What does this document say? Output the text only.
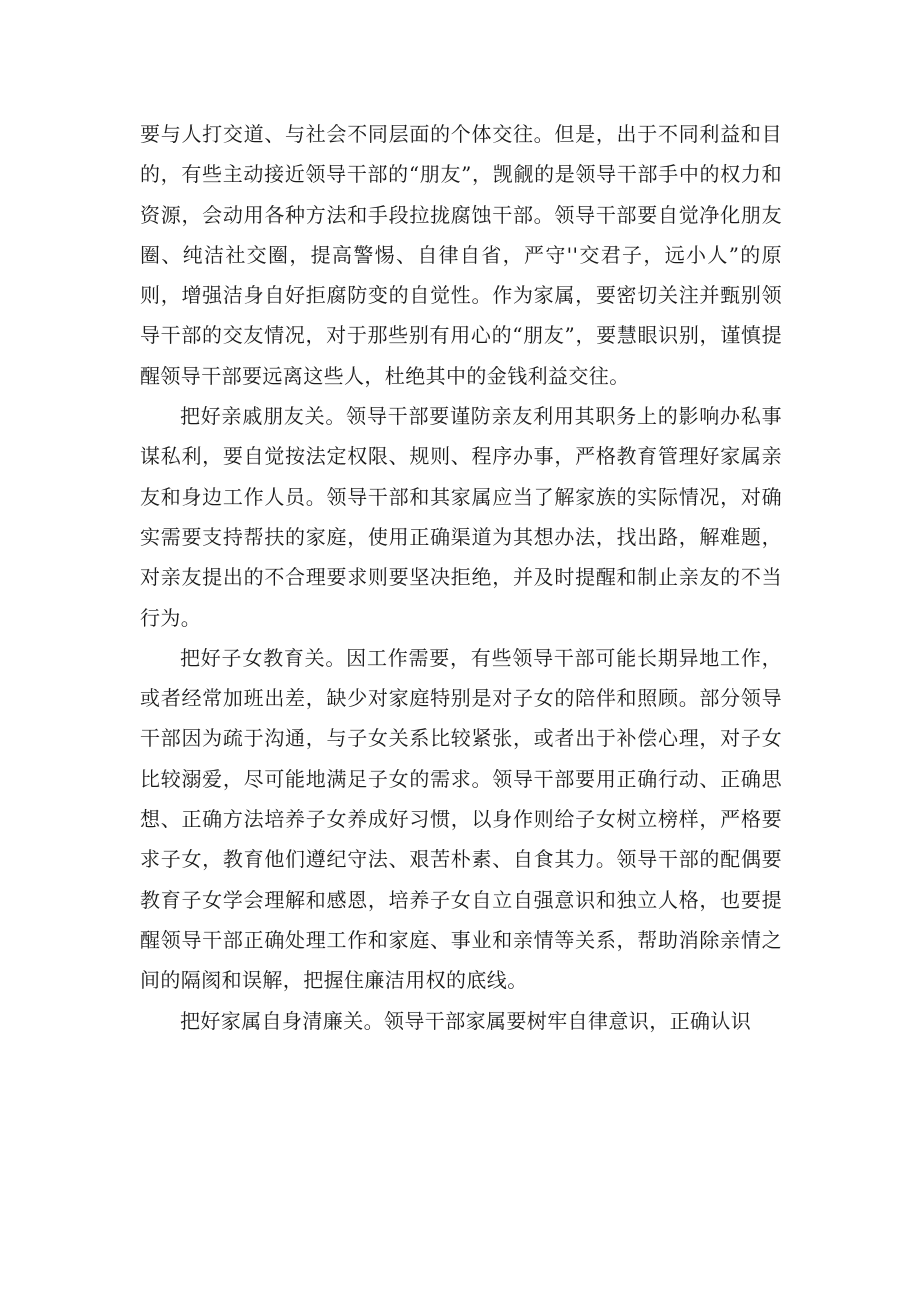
要与人打交道、与社会不同层面的个体交往。但是，出于不同利益和目的，有些主动接近领导干部的“朋友”，觊觎的是领导干部手中的权力和资源，会动用各种方法和手段拉拢腐蚀干部。领导干部要自觉净化朋友圈、纯洁社交圈，提高警惕、自律自省，严守''交君子，远小人”的原则，增强洁身自好拒腐防变的自觉性。作为家属，要密切关注并甄别领导干部的交友情况，对于那些别有用心的“朋友”，要慧眼识别，谨慎提醒领导干部要远离这些人，杜绝其中的金钱利益交往。

把好亲戚朋友关。领导干部要谨防亲友利用其职务上的影响办私事谋私利，要自觉按法定权限、规则、程序办事，严格教育管理好家属亲友和身边工作人员。领导干部和其家属应当了解家族的实际情况，对确实需要支持帮扶的家庭，使用正确渠道为其想办法，找出路，解难题，对亲友提出的不合理要求则要坚决拒绝，并及时提醒和制止亲友的不当行为。

把好子女教育关。因工作需要，有些领导干部可能长期异地工作，或者经常加班出差，缺少对家庭特别是对子女的陪伴和照顾。部分领导干部因为疏于沟通，与子女关系比较紧张，或者出于补偿心理，对子女比较溺爱，尽可能地满足子女的需求。领导干部要用正确行动、正确思想、正确方法培养子女养成好习惯，以身作则给子女树立榜样，严格要求子女，教育他们遵纪守法、艰苦朴素、自食其力。领导干部的配偶要教育子女学会理解和感恩，培养子女自立自强意识和独立人格，也要提醒领导干部正确处理工作和家庭、事业和亲情等关系，帮助消除亲情之间的隔阂和误解，把握住廉洁用权的底线。

把好家属自身清廉关。领导干部家属要树牢自律意识，正确认识
